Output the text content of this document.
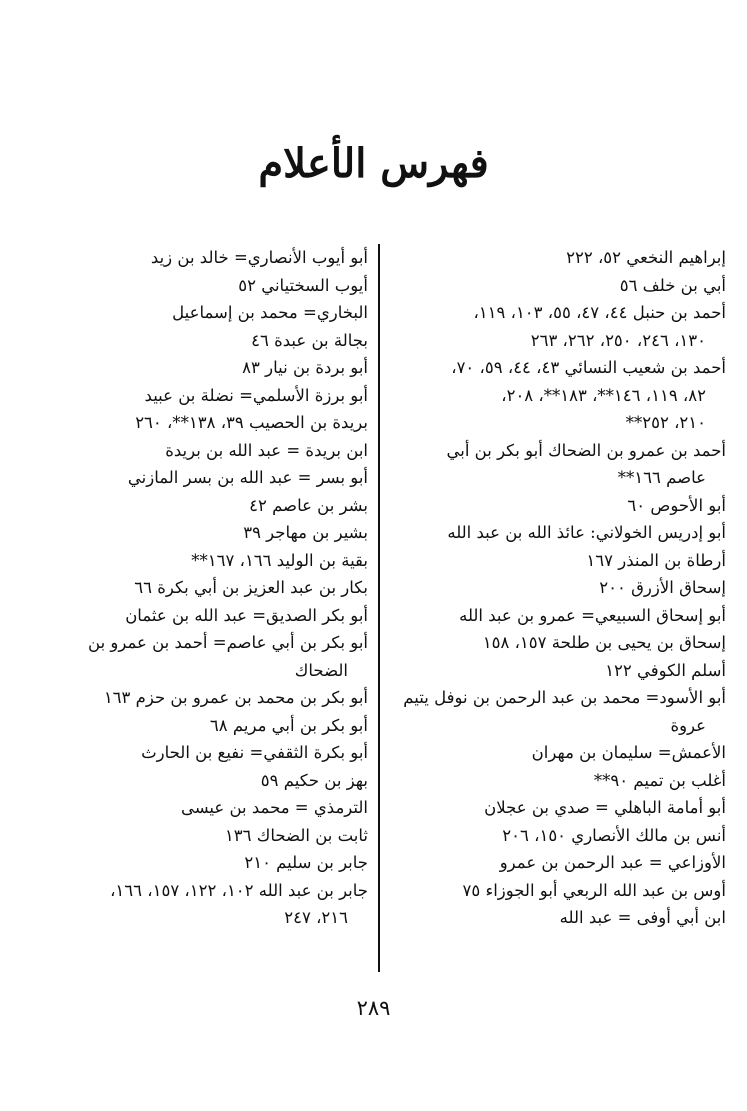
فهرس الأعلام
إبراهيم النخعي ٥٢، ٢٢٢
أبي بن خلف ٥٦
أحمد بن حنبل ٤٤، ٤٧، ٥٥، ١٠٣، ١١٩،
١٣٠، ٢٤٦، ٢٥٠، ٢٦٢، ٢٦٣
أحمد بن شعيب النسائي ٤٣، ٤٤، ٥٩، ٧٠،
٨٢، ١١٩، ١٤٦**، ١٨٣**، ٢٠٨،
٢١٠، ٢٥٢**
أحمد بن عمرو بن الضحاك أبو بكر بن أبي
عاصم ١٦٦**
أبو الأحوص ٦٠
أبو إدريس الخولاني: عائذ الله بن عبد الله
أرطاة بن المنذر ١٦٧
إسحاق الأزرق ٢٠٠
أبو إسحاق السبيعي= عمرو بن عبد الله
إسحاق بن يحيى بن طلحة ١٥٧، ١٥٨
أسلم الكوفي ١٢٢
أبو الأسود= محمد بن عبد الرحمن بن نوفل يتيم
عروة
الأعمش= سليمان بن مهران
أغلب بن تميم ٩٠**
أبو أمامة الباهلي = صدي بن عجلان
أنس بن مالك الأنصاري ١٥٠، ٢٠٦
الأوزاعي = عبد الرحمن بن عمرو
أوس بن عبد الله الربعي أبو الجوزاء ٧٥
ابن أبي أوفى = عبد الله
أبو أيوب الأنصاري= خالد بن زيد
أيوب السختياني ٥٢
البخاري= محمد بن إسماعيل
بجالة بن عبدة ٤٦
أبو بردة بن نيار ٨٣
أبو برزة الأسلمي= نضلة بن عبيد
بريدة بن الحصيب ٣٩، ١٣٨**، ٢٦٠
ابن بريدة = عبد الله بن بريدة
أبو بسر = عبد الله بن بسر المازني
بشر بن عاصم ٤٢
بشير بن مهاجر ٣٩
بقية بن الوليد ١٦٦، ١٦٧**
بكار بن عبد العزيز بن أبي بكرة ٦٦
أبو بكر الصديق= عبد الله بن عثمان
أبو بكر بن أبي عاصم= أحمد بن عمرو بن
الضحاك
أبو بكر بن محمد بن عمرو بن حزم ١٦٣
أبو بكر بن أبي مريم ٦٨
أبو بكرة الثقفي= نفيع بن الحارث
بهز بن حكيم ٥٩
الترمذي = محمد بن عيسى
ثابت بن الضحاك ١٣٦
جابر بن سليم ٢١٠
جابر بن عبد الله ١٠٢، ١٢٢، ١٥٧، ١٦٦،
٢١٦، ٢٤٧
٢٨٩
